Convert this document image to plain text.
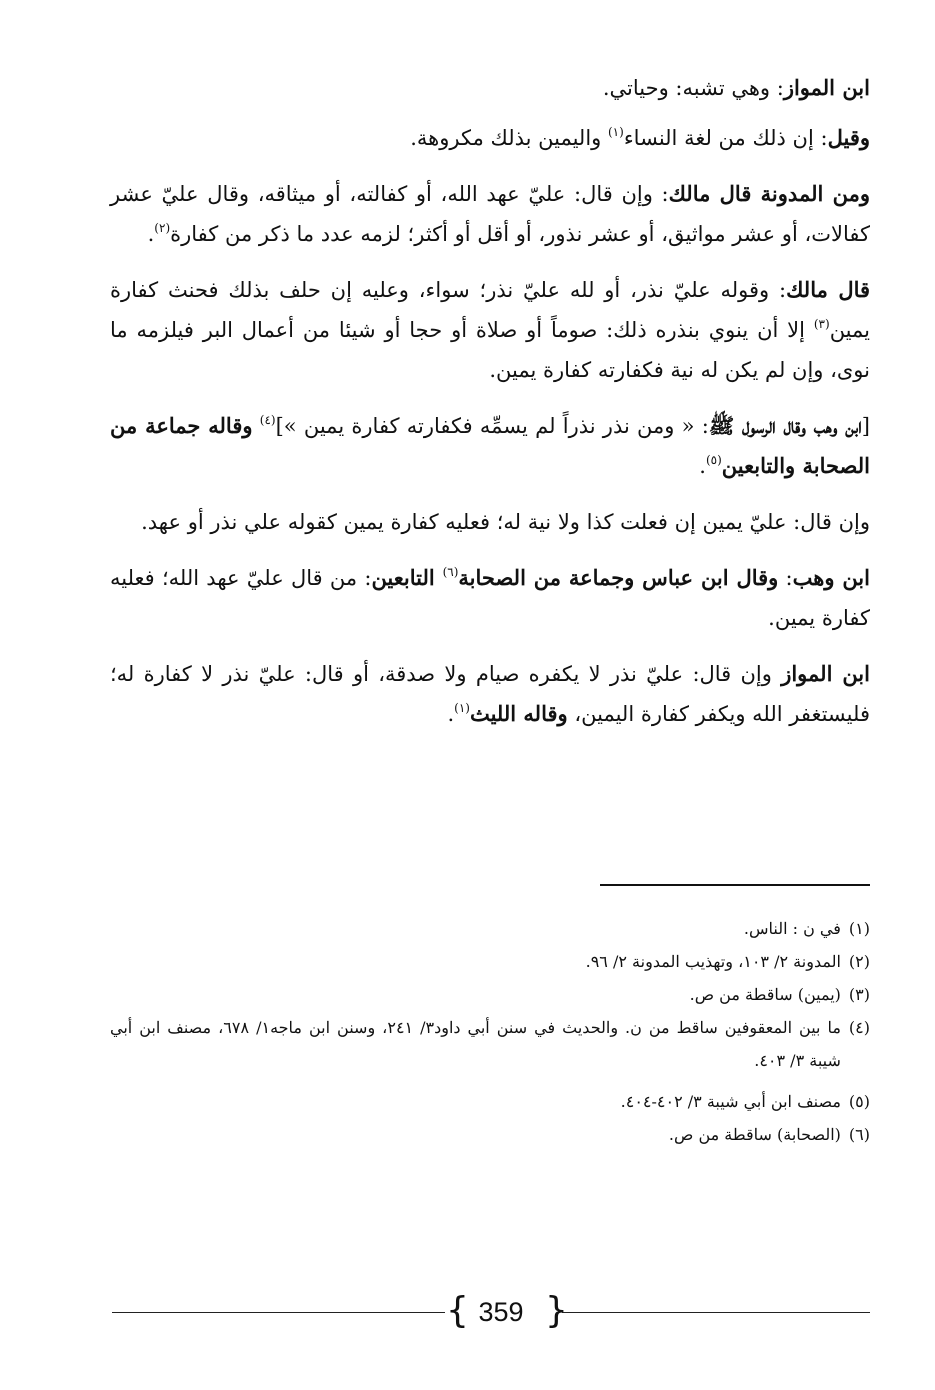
ابن المواز: وهي تشبه: وحياتي.

وقيل: إن ذلك من لغة النساء$^{(١)}$ واليمين بذلك مكروهة.

ومن المدونة قال مالك: وإن قال: عليّ عهد الله، أو كفالته، أو ميثاقه، وقال عليّ عشر كفالات، أو عشر مواثيق، أو عشر نذور، أو أقل أو أكثر؛ لزمه عدد ما ذكر من كفارة$^{(٢)}$.

قال مالك: وقوله عليّ نذر، أو لله عليّ نذر؛ سواء، وعليه إن حلف بذلك فحنث كفارة يمين$^{(٣)}$ إلا أن ينوي بنذره ذلك: صوماً أو صلاة أو حجا أو شيئا من أعمال البر فيلزمه ما نوى، وإن لم يكن له نية فكفارته كفارة يمين.

[ابن وهب وقال الرسول ﷺ: « ومن نذر نذراً لم يسمِّه فكفارته كفارة يمين »]$^{(٤)}$ وقاله جماعة من الصحابة والتابعين$^{(٥)}$.

وإن قال: عليّ يمين إن فعلت كذا ولا نية له؛ فعليه كفارة يمين كقوله علي نذر أو عهد.

ابن وهب: وقال ابن عباس وجماعة من الصحابة$^{(٦)}$ التابعين: من قال عليّ عهد الله؛ فعليه كفارة يمين.

ابن المواز وإن قال: عليّ نذر لا يكفره صيام ولا صدقة، أو قال: عليّ نذر لا كفارة له؛ فليستغفر الله ويكفر كفارة اليمين، وقاله الليث$^{(١)}$.

(١)
في ن : الناس.
(٢)
المدونة ٢/ ١٠٣، وتهذيب المدونة ٢/ ٩٦.
(٣)
(يمين) ساقطة من ص.
(٤)
ما بين المعقوفين ساقط من ن. والحديث في سنن أبي داود٣/ ٢٤١، وسنن ابن ماجه١/ ٦٧٨، مصنف ابن أبي شيبة ٣/ ٤٠٣.
(٥)
مصنف ابن أبي شيبة ٣/ ٤٠٢-٤٠٤.
(٦)
(الصحابة) ساقطة من ص.
{ 359 }
